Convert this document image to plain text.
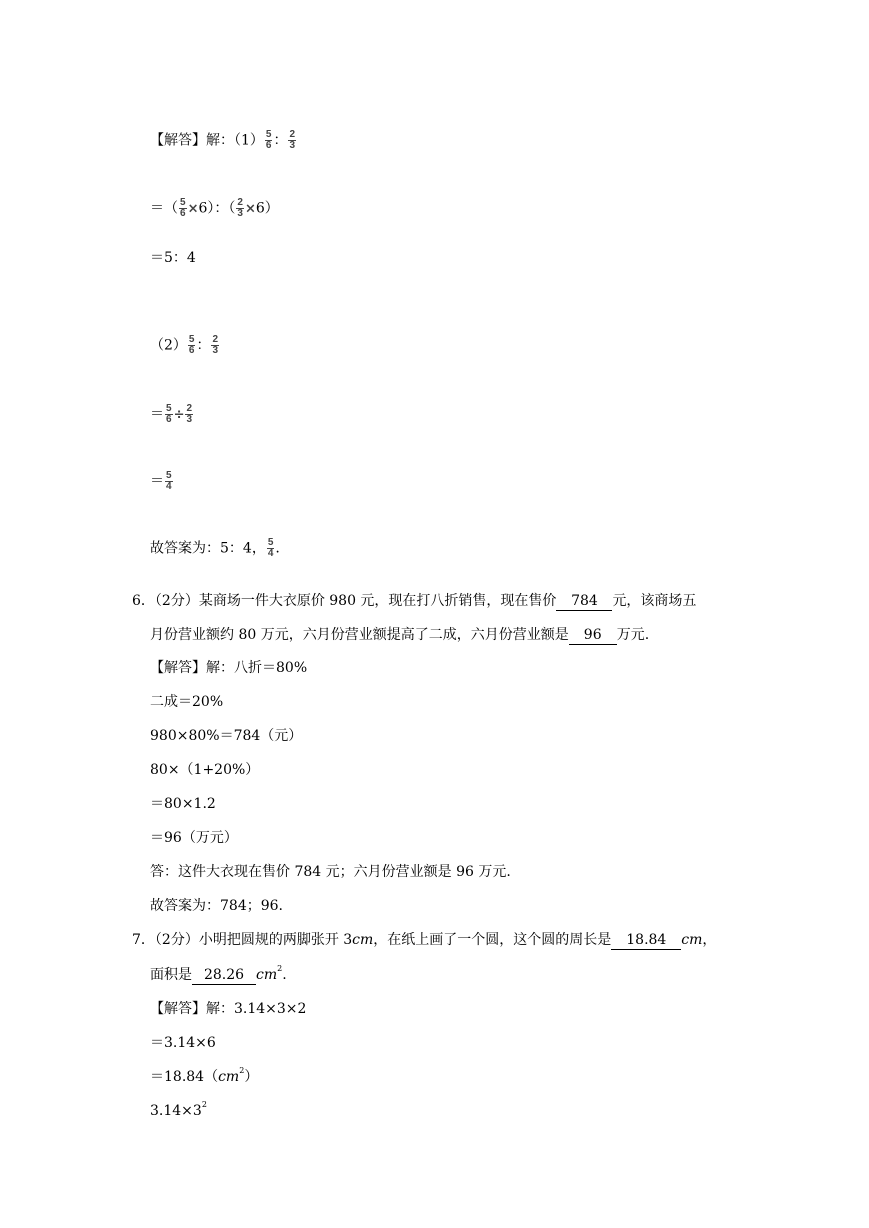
【解答】解：$(1) \frac{5}{6}$ ： $\frac{2}{3}$
＝（ $\frac{5}{6} \times 6$）：（ $\frac{2}{3} \times 6$）
＝5：4
$(2) \frac{5}{6}$ ： $\frac{2}{3}$
＝ $\frac{5}{6} \div \frac{2}{3}$
＝ $\frac{5}{4}$
故答案为：5：4， $\frac{5}{4}$ .
6．（2分）某商场一件大衣原价 980 元，现在打八折销售，现在售价 784 元，该商场五
月份营业额约 80 万元，六月份营业额提高了二成，六月份营业额是 96 万元.
【解答】解：八折＝80%
二成＝20%
980×80%＝784（元）
80×（1+20%）
＝80×1.2
＝96（万元）
答：这件大衣现在售价 784 元；六月份营业额是 96 万元.
故答案为：784；96.
7．（2分）小明把圆规的两脚张开 3cm，在纸上画了一个圆，这个圆的周长是 18.84 cm，
面积是 28.26 $cm^2$.
【解答】解：3.14×3×2
＝3.14×6
$=18.84(cm^2)$
$3.14\times 3^2$
